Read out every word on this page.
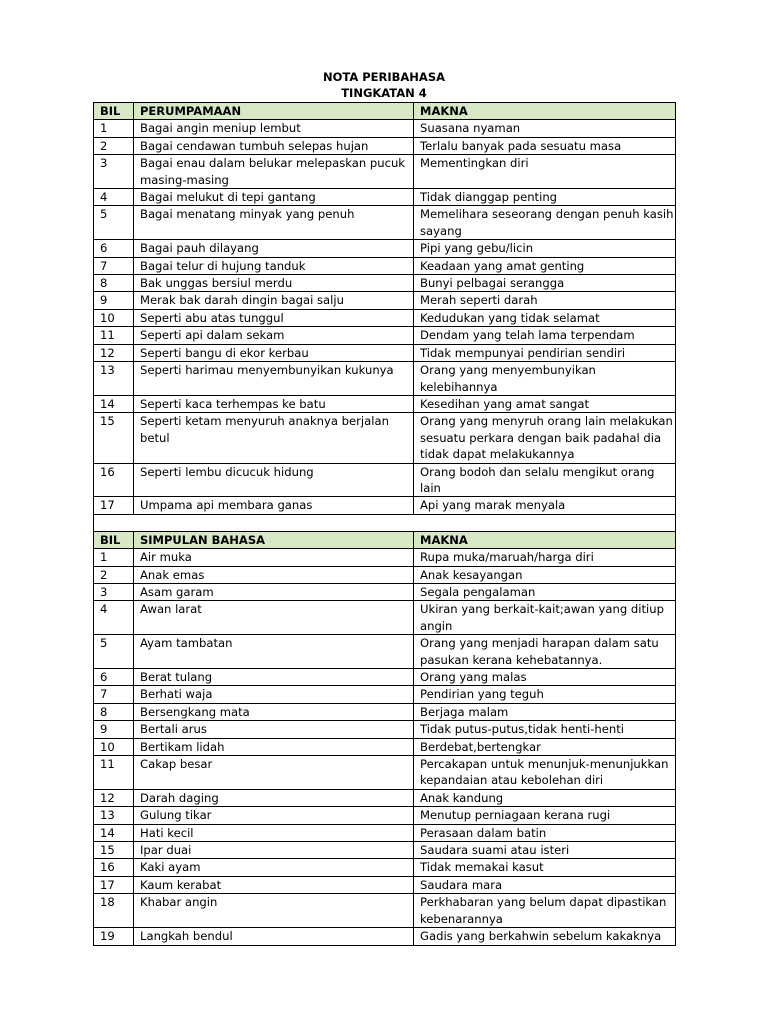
NOTA PERIBAHASA
TINGKATAN 4
BIL	PERUMPAMAAN	MAKNA
1	Bagai angin meniup lembut	Suasana nyaman
2	Bagai cendawan tumbuh selepas hujan	Terlalu banyak pada sesuatu masa
3	Bagai enau dalam belukar melepaskan pucuk masing-masing	Mementingkan diri
4	Bagai melukut di tepi gantang	Tidak dianggap penting
5	Bagai menatang minyak yang penuh	Memelihara seseorang dengan penuh kasih sayang
6	Bagai pauh dilayang	Pipi yang gebu/licin
7	Bagai telur di hujung tanduk	Keadaan yang amat genting
8	Bak unggas bersiul merdu	Bunyi pelbagai serangga
9	Merak bak darah dingin bagai salju	Merah seperti darah
10	Seperti abu atas tunggul	Kedudukan yang tidak selamat
11	Seperti api dalam sekam	Dendam yang telah lama terpendam
12	Seperti bangu di ekor kerbau	Tidak mempunyai pendirian sendiri
13	Seperti harimau menyembunyikan kukunya	Orang yang menyembunyikan kelebihannya
14	Seperti kaca terhempas ke batu	Kesedihan yang amat sangat
15	Seperti ketam menyuruh anaknya berjalan betul	Orang yang menyruh orang lain melakukan sesuatu perkara dengan baik padahal dia tidak dapat melakukannya
16	Seperti lembu dicucuk hidung	Orang bodoh dan selalu mengikut orang lain
17	Umpama api membara ganas	Api yang marak menyala

BIL	SIMPULAN BAHASA	MAKNA
1	Air muka	Rupa muka/maruah/harga diri
2	Anak emas	Anak kesayangan
3	Asam garam	Segala pengalaman
4	Awan larat	Ukiran yang berkait-kait;awan yang ditiup angin
5	Ayam tambatan	Orang yang menjadi harapan dalam satu pasukan kerana kehebatannya.
6	Berat tulang	Orang yang malas
7	Berhati waja	Pendirian yang teguh
8	Bersengkang mata	Berjaga malam
9	Bertali arus	Tidak putus-putus,tidak henti-henti
10	Bertikam lidah	Berdebat,bertengkar
11	Cakap besar	Percakapan untuk menunjuk-menunjukkan kepandaian atau kebolehan diri
12	Darah daging	Anak kandung
13	Gulung tikar	Menutup perniagaan kerana rugi
14	Hati kecil	Perasaan dalam batin
15	Ipar duai	Saudara suami atau isteri
16	Kaki ayam	Tidak memakai kasut
17	Kaum kerabat	Saudara mara
18	Khabar angin	Perkhabaran yang belum dapat dipastikan kebenarannya
19	Langkah bendul	Gadis yang berkahwin sebelum kakaknya
